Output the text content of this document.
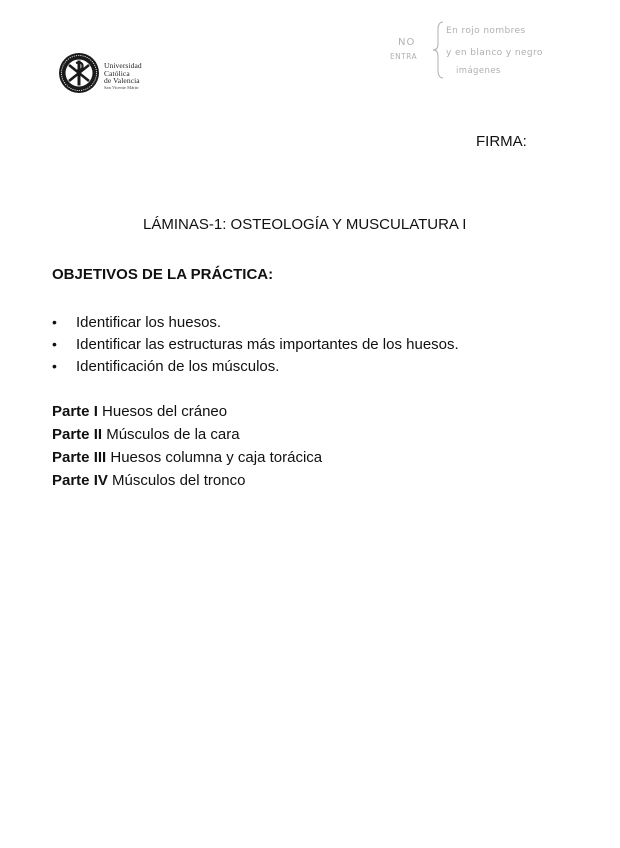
Universidad
Católica
de Valencia
San Vicente Mártir
NO
ENTRA
En rojo nombres
y en blanco y negro
imágenes
FIRMA:
LÁMINAS-1: OSTEOLOGÍA Y MUSCULATURA I
OBJETIVOS DE LA PRÁCTICA:
• Identificar los huesos.
• Identificar las estructuras más importantes de los huesos.
• Identificación de los músculos.
Parte I Huesos del cráneo
Parte II Músculos de la cara
Parte III Huesos columna y caja torácica
Parte IV Músculos del tronco
